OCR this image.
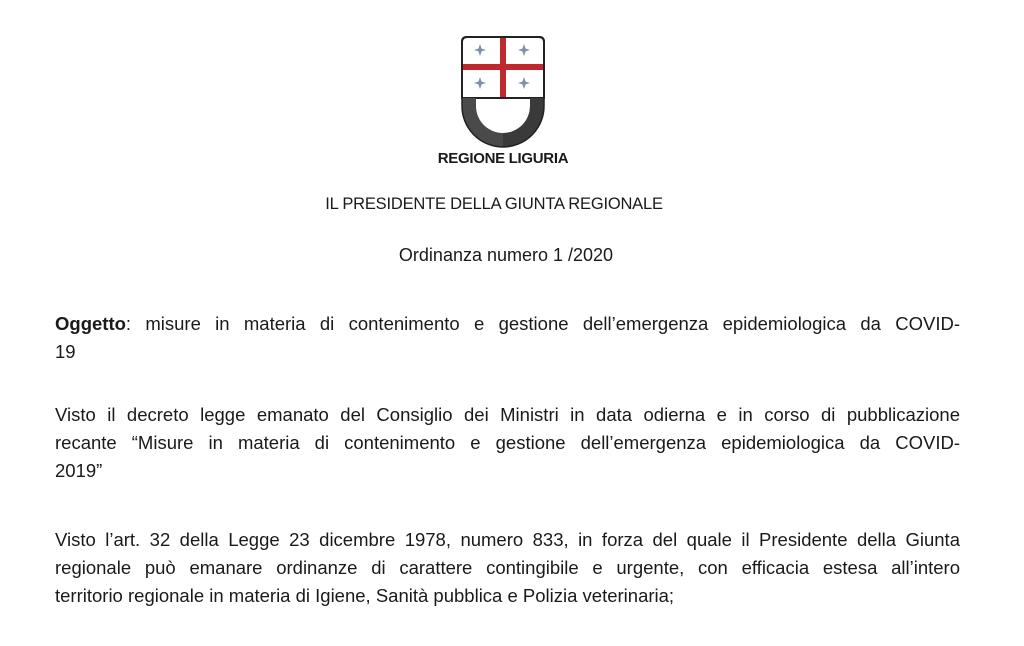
REGIONE LIGURIA
IL PRESIDENTE DELLA GIUNTA REGIONALE
Ordinanza numero 1 /2020
Oggetto: misure in materia di contenimento e gestione dell’emergenza epidemiologica da COVID-
19
Visto il decreto legge emanato del Consiglio dei Ministri in data odierna e in corso di pubblicazione
recante “Misure in materia di contenimento e gestione dell’emergenza epidemiologica da COVID-
2019”
Visto l’art. 32 della Legge 23 dicembre 1978, numero 833, in forza del quale il Presidente della Giunta
regionale può emanare ordinanze di carattere contingibile e urgente, con efficacia estesa all’intero
territorio regionale in materia di Igiene, Sanità pubblica e Polizia veterinaria;
